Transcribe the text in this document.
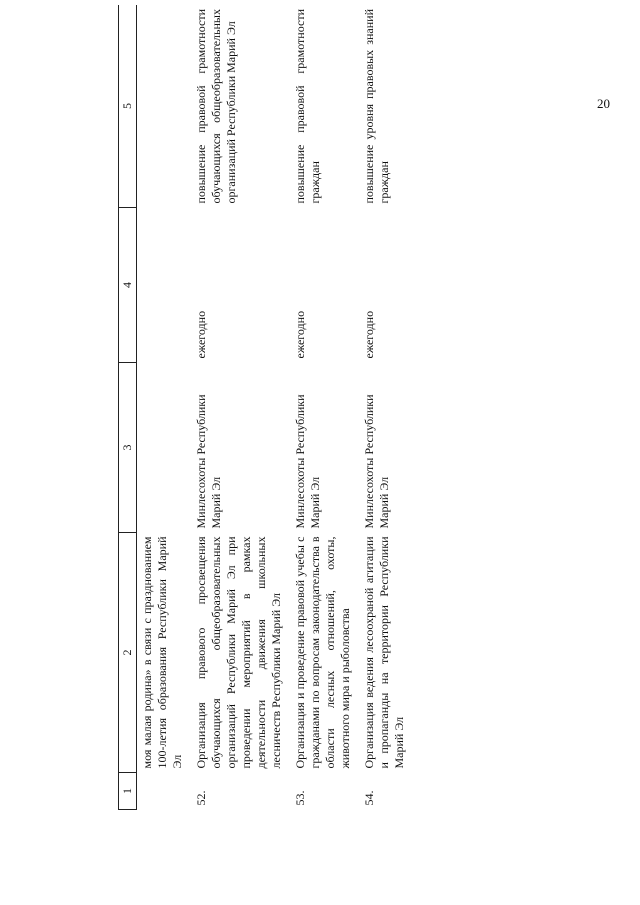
20
1	2	3	4	5
	моя малая родина» в связи с празднованием 100-летия образования Республики Марий Эл			
52.	Организация правового просвещения обучающихся общеобразовательных организаций Республики Марий Эл при проведении мероприятий в рамках деятельности движения школьных лесничеств Республики Марий Эл	Минлесохоты Республики Марий Эл	ежегодно	повышение правовой грамотности обучающихся общеобразовательных организаций Республики Марий Эл
53.	Организация и проведение правовой учебы с гражданами по вопросам законодательства в области лесных отношений, охоты, животного мира и рыболовства	Минлесохоты Республики Марий Эл	ежегодно	повышение правовой грамотности граждан
54.	Организация ведения лесоохраной агитации и пропаганды на территории Республики Марий Эл	Минлесохоты Республики Марий Эл	ежегодно	повышение уровня правовых знаний граждан
